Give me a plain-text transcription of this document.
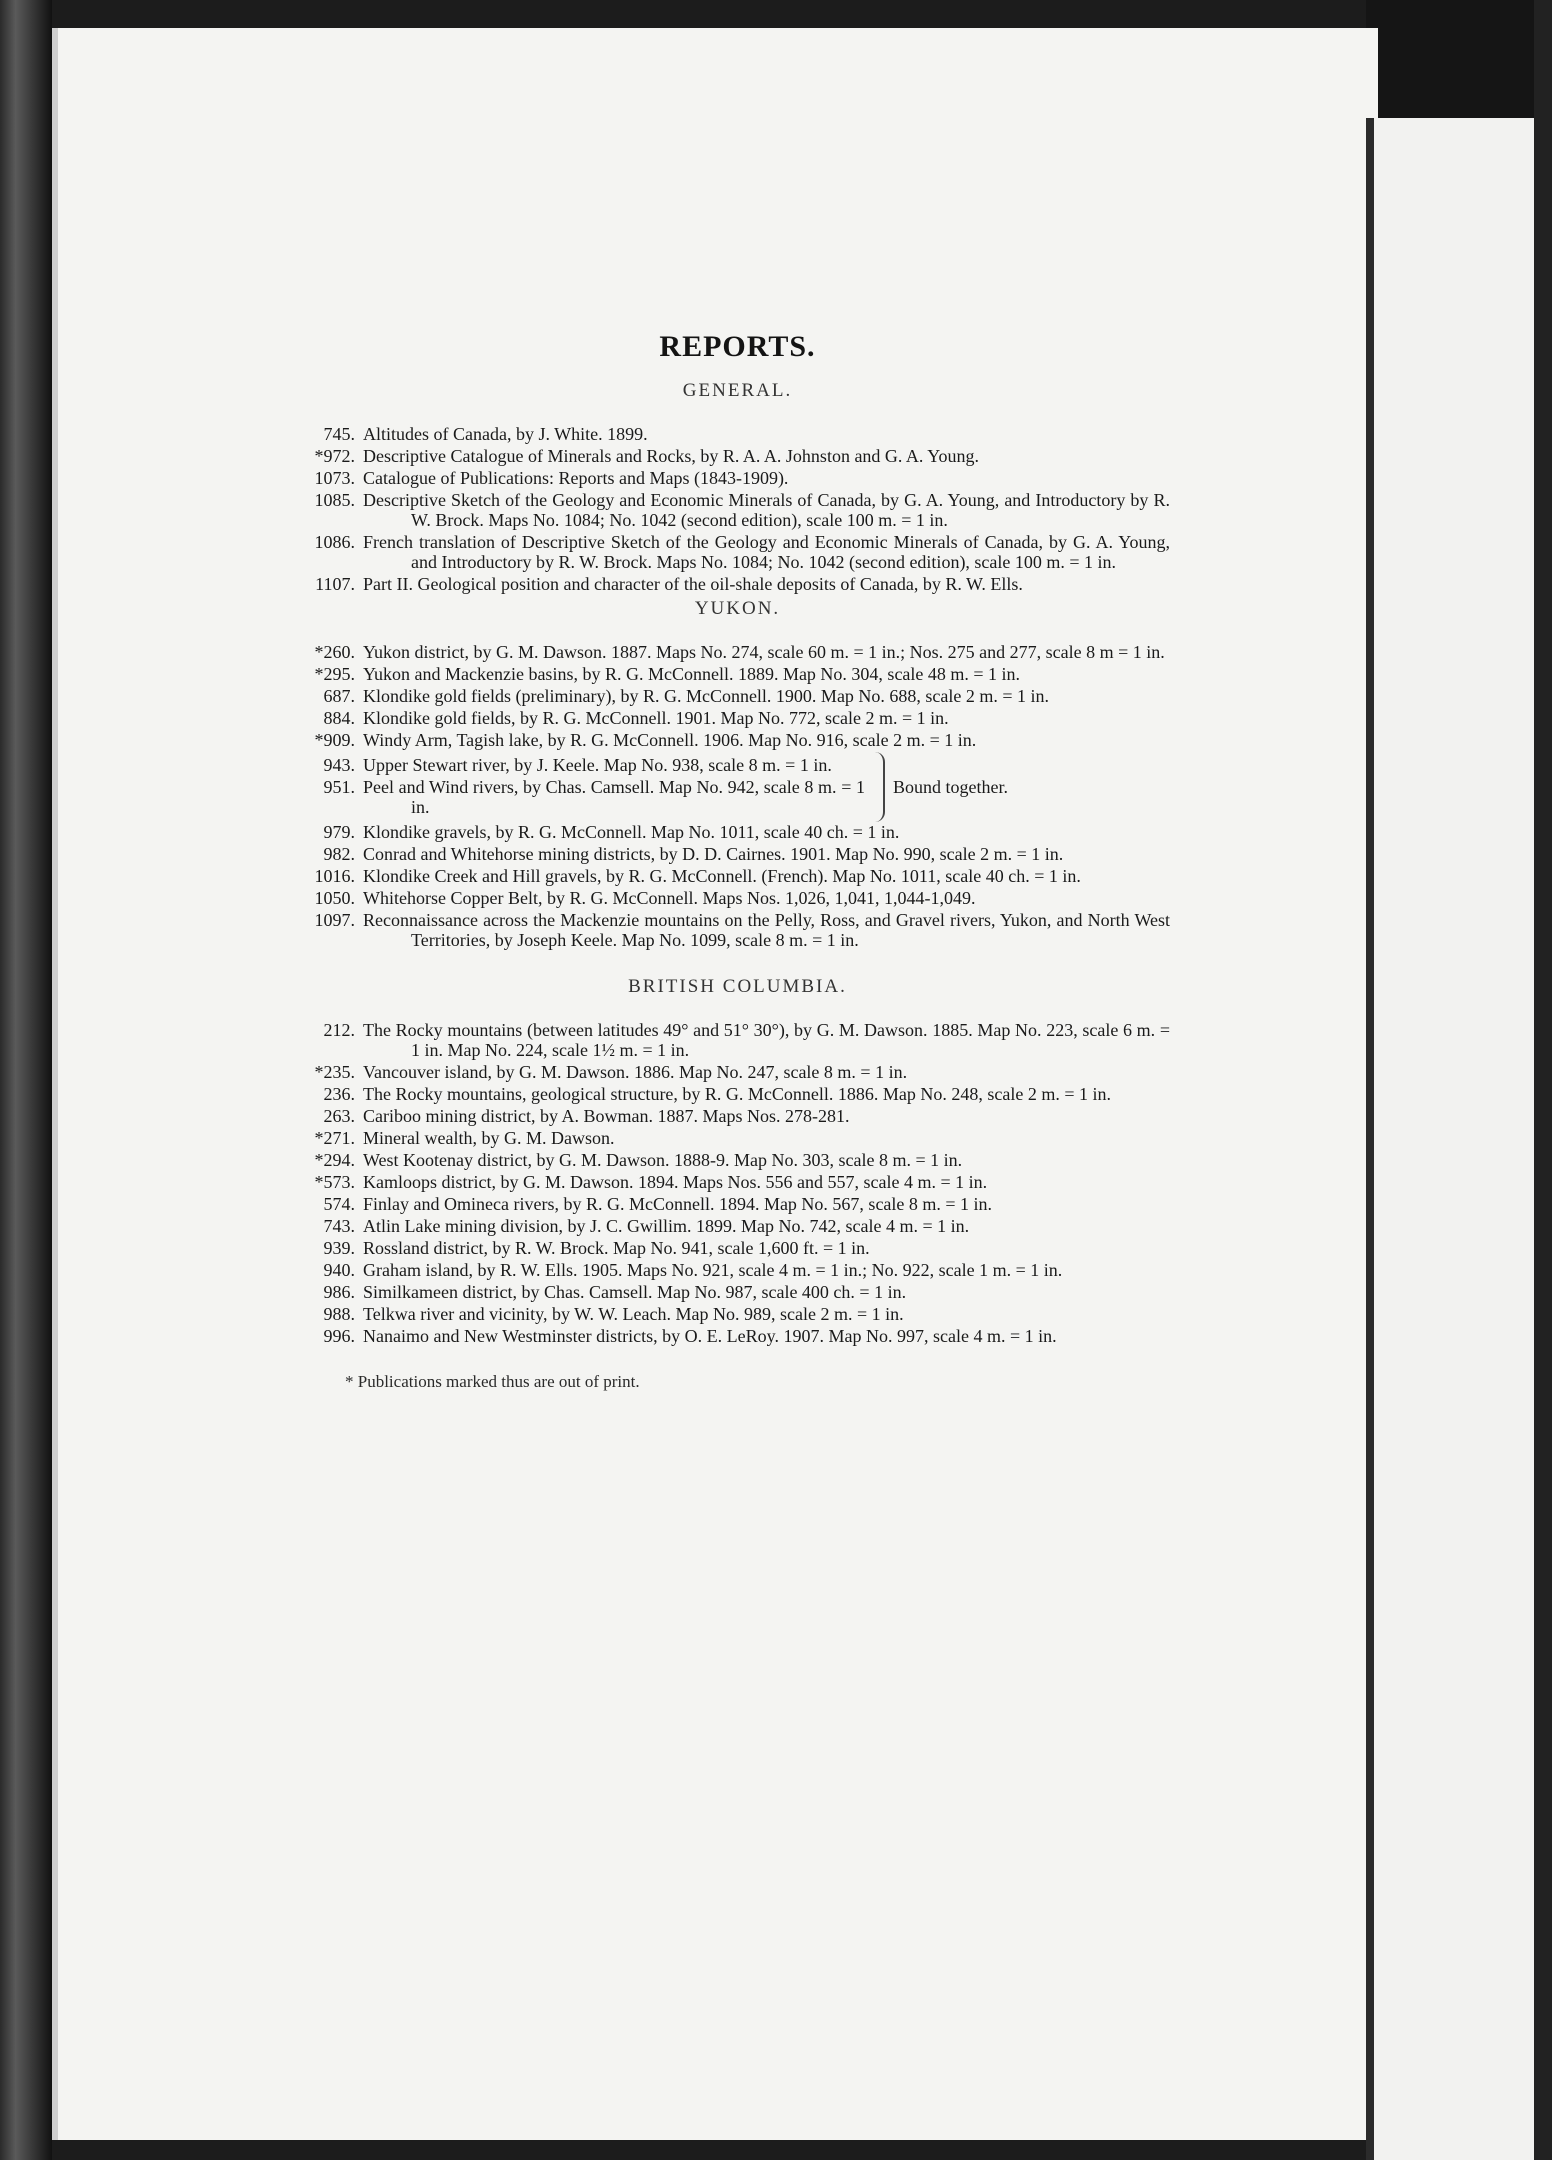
REPORTS.
GENERAL.
745. Altitudes of Canada, by J. White. 1899.
*972. Descriptive Catalogue of Minerals and Rocks, by R. A. A. Johnston and G. A. Young.
1073. Catalogue of Publications: Reports and Maps (1843-1909).
1085. Descriptive Sketch of the Geology and Economic Minerals of Canada, by G. A. Young, and Introductory by R. W. Brock. Maps No. 1084; No. 1042 (second edition), scale 100 m. = 1 in.
1086. French translation of Descriptive Sketch of the Geology and Economic Minerals of Canada, by G. A. Young, and Introductory by R. W. Brock. Maps No. 1084; No. 1042 (second edition), scale 100 m. = 1 in.
1107. Part II. Geological position and character of the oil-shale deposits of Canada, by R. W. Ells.
YUKON.
*260. Yukon district, by G. M. Dawson. 1887. Maps No. 274, scale 60 m. = 1 in.; Nos. 275 and 277, scale 8 m = 1 in.
*295. Yukon and Mackenzie basins, by R. G. McConnell. 1889. Map No. 304, scale 48 m. = 1 in.
687. Klondike gold fields (preliminary), by R. G. McConnell. 1900. Map No. 688, scale 2 m. = 1 in.
884. Klondike gold fields, by R. G. McConnell. 1901. Map No. 772, scale 2 m. = 1 in.
*909. Windy Arm, Tagish lake, by R. G. McConnell. 1906. Map No. 916, scale 2 m. = 1 in.
943. Upper Stewart river, by J. Keele. Map No. 938, scale 8 m. = 1 in.
951. Peel and Wind rivers, by Chas. Camsell. Map No. 942, scale 8 m. = 1 in.
Bound together.
979. Klondike gravels, by R. G. McConnell. Map No. 1011, scale 40 ch. = 1 in.
982. Conrad and Whitehorse mining districts, by D. D. Cairnes. 1901. Map No. 990, scale 2 m. = 1 in.
1016. Klondike Creek and Hill gravels, by R. G. McConnell. (French). Map No. 1011, scale 40 ch. = 1 in.
1050. Whitehorse Copper Belt, by R. G. McConnell. Maps Nos. 1,026, 1,041, 1,044-1,049.
1097. Reconnaissance across the Mackenzie mountains on the Pelly, Ross, and Gravel rivers, Yukon, and North West Territories, by Joseph Keele. Map No. 1099, scale 8 m. = 1 in.
BRITISH COLUMBIA.
212. The Rocky mountains (between latitudes 49° and 51° 30°), by G. M. Dawson. 1885. Map No. 223, scale 6 m. = 1 in. Map No. 224, scale 1½ m. = 1 in.
*235. Vancouver island, by G. M. Dawson. 1886. Map No. 247, scale 8 m. = 1 in.
236. The Rocky mountains, geological structure, by R. G. McConnell. 1886. Map No. 248, scale 2 m. = 1 in.
263. Cariboo mining district, by A. Bowman. 1887. Maps Nos. 278-281.
*271. Mineral wealth, by G. M. Dawson.
*294. West Kootenay district, by G. M. Dawson. 1888-9. Map No. 303, scale 8 m. = 1 in.
*573. Kamloops district, by G. M. Dawson. 1894. Maps Nos. 556 and 557, scale 4 m. = 1 in.
574. Finlay and Omineca rivers, by R. G. McConnell. 1894. Map No. 567, scale 8 m. = 1 in.
743. Atlin Lake mining division, by J. C. Gwillim. 1899. Map No. 742, scale 4 m. = 1 in.
939. Rossland district, by R. W. Brock. Map No. 941, scale 1,600 ft. = 1 in.
940. Graham island, by R. W. Ells. 1905. Maps No. 921, scale 4 m. = 1 in.; No. 922, scale 1 m. = 1 in.
986. Similkameen district, by Chas. Camsell. Map No. 987, scale 400 ch. = 1 in.
988. Telkwa river and vicinity, by W. W. Leach. Map No. 989, scale 2 m. = 1 in.
996. Nanaimo and New Westminster districts, by O. E. LeRoy. 1907. Map No. 997, scale 4 m. = 1 in.
* Publications marked thus are out of print.
